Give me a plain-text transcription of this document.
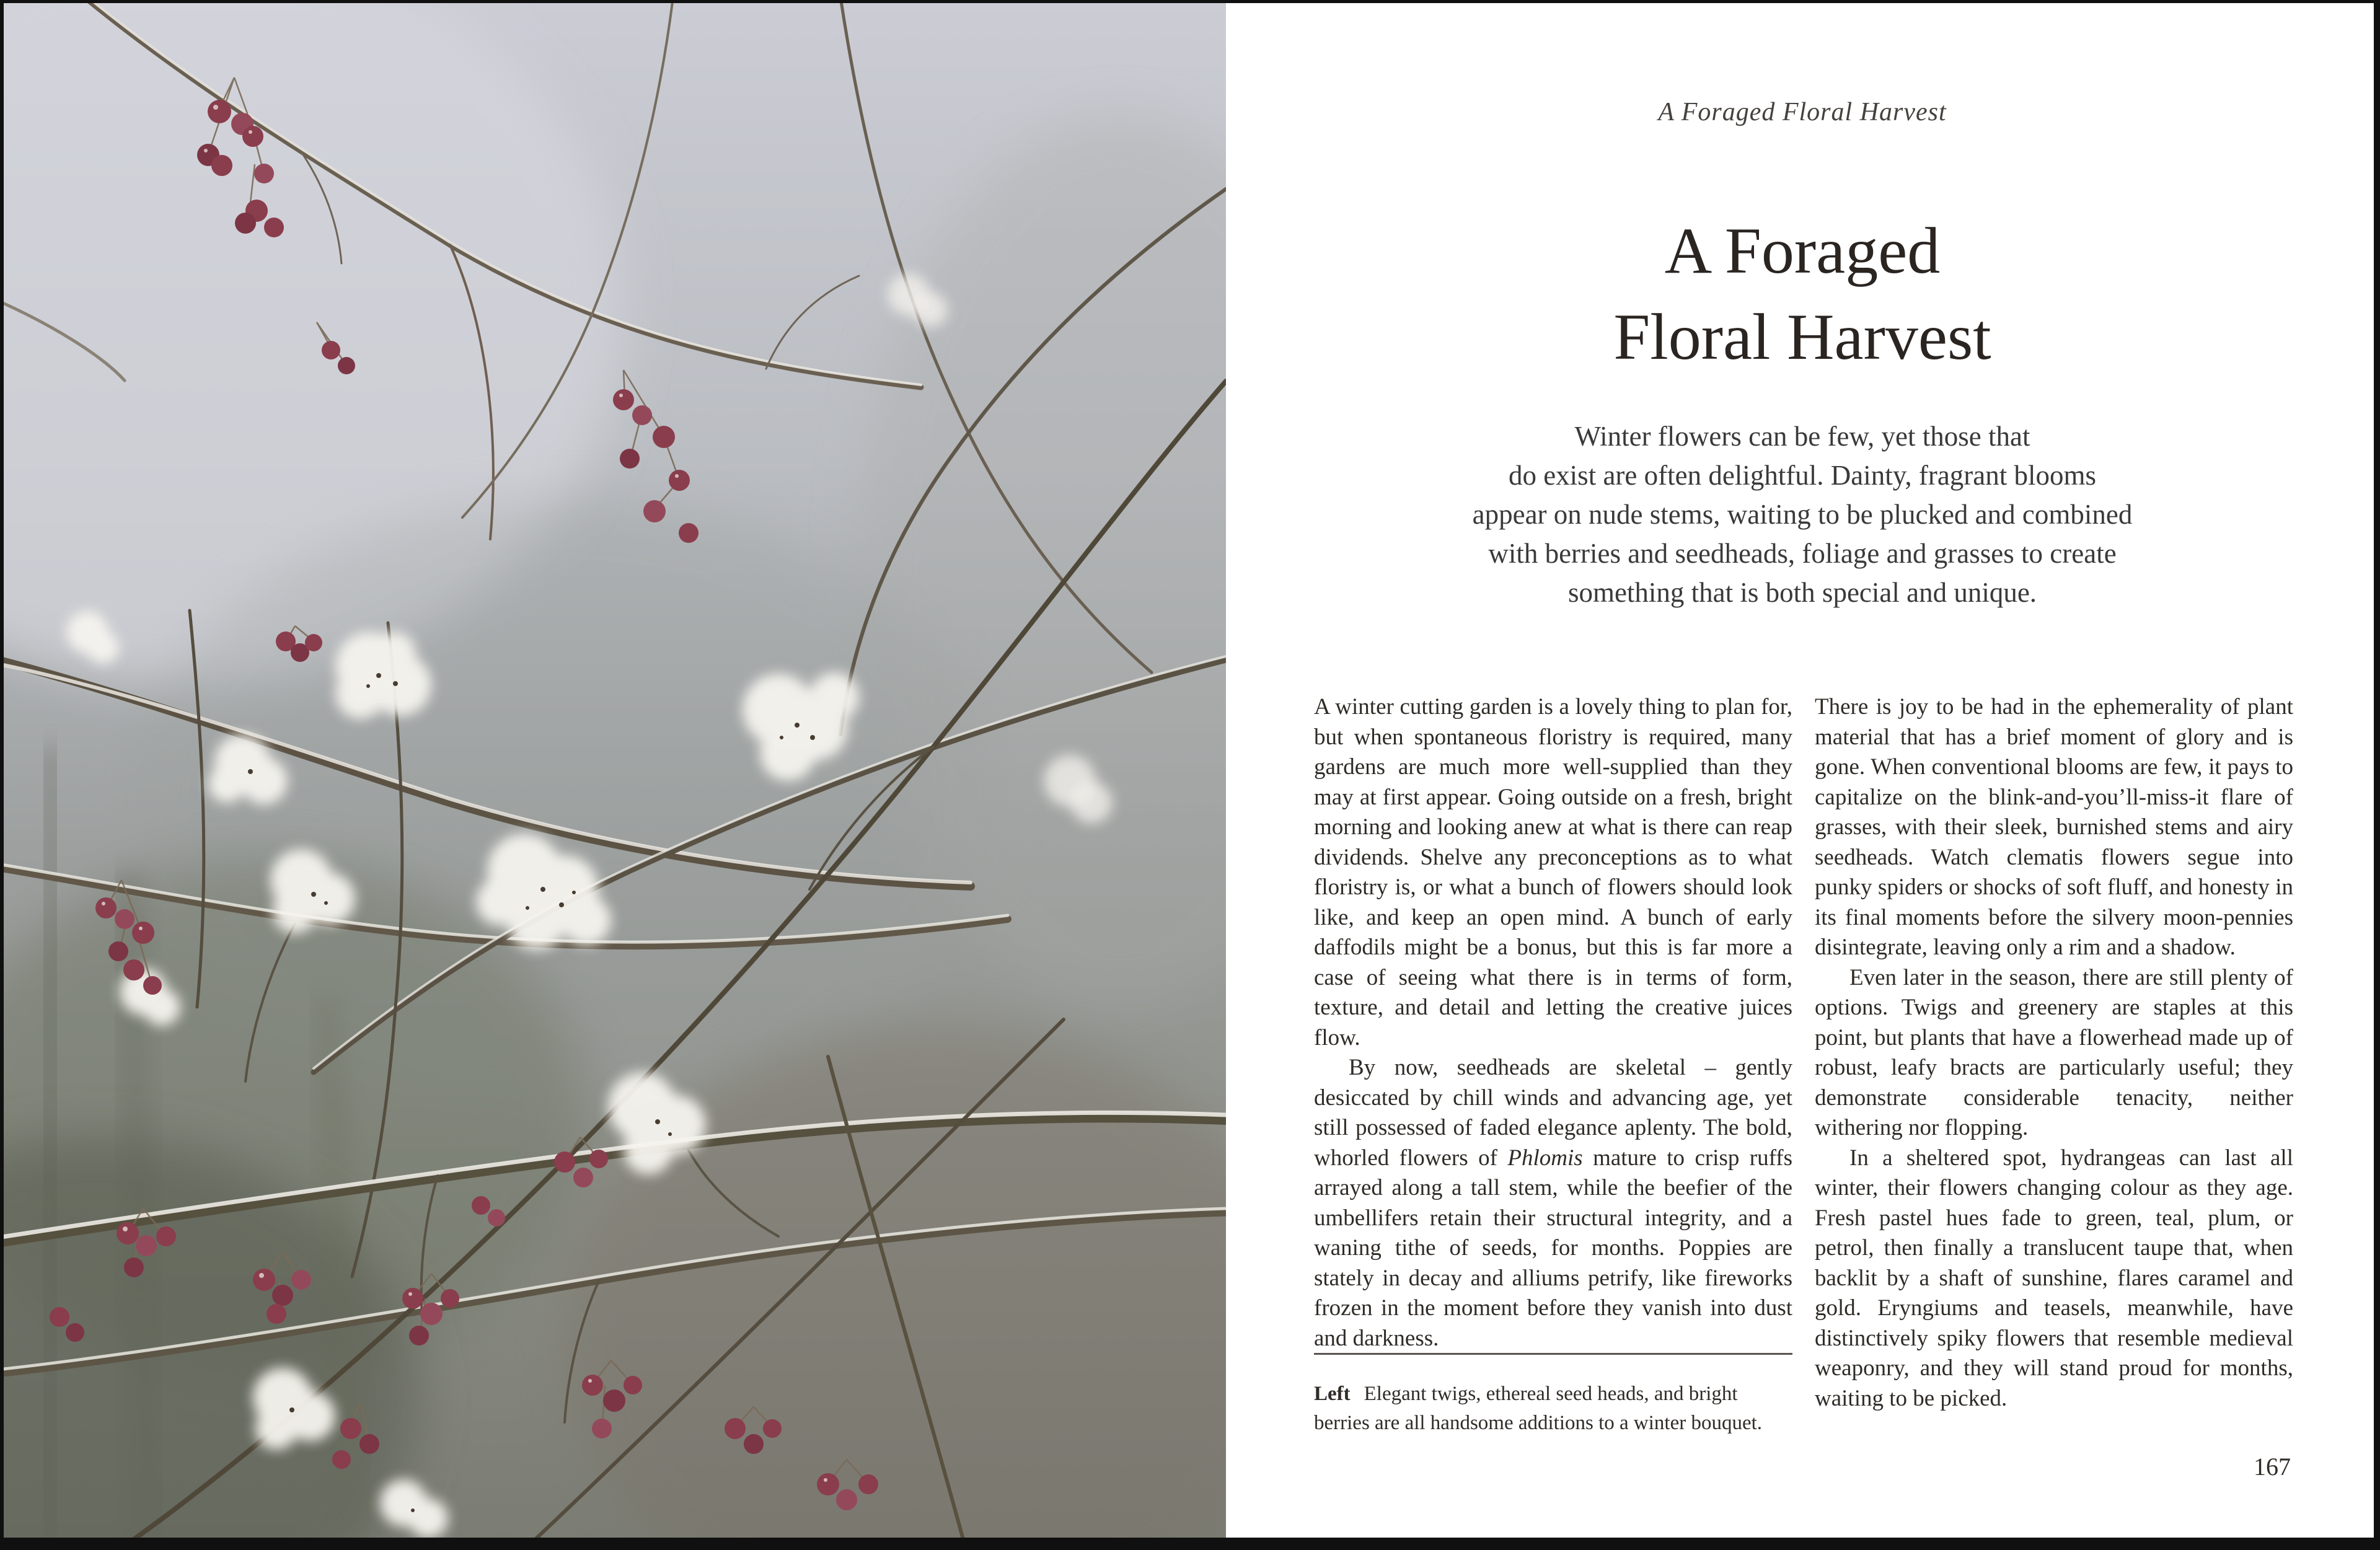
A Foraged Floral Harvest
A Foraged
Floral Harvest
Winter flowers can be few, yet those that
do exist are often delightful. Dainty, fragrant blooms
appear on nude stems, waiting to be plucked and combined
with berries and seedheads, foliage and grasses to create
something that is both special and unique.

A winter cutting garden is a lovely thing to plan for, but when spontaneous floristry is required, many gardens are much more well-supplied than they may at first appear. Going outside on a fresh, bright morning and looking anew at what is there can reap dividends. Shelve any preconceptions as to what floristry is, or what a bunch of flowers should look like, and keep an open mind. A bunch of early daffodils might be a bonus, but this is far more a case of seeing what there is in terms of form, texture, and detail and letting the creative juices flow.

By now, seedheads are skeletal – gently desiccated by chill winds and advancing age, yet still possessed of faded elegance aplenty. The bold, whorled flowers of Phlomis mature to crisp ruffs arrayed along a tall stem, while the beefier of the umbellifers retain their structural integrity, and a waning tithe of seeds, for months. Poppies are stately in decay and alliums petrify, like fireworks frozen in the moment before they vanish into dust and darkness.

There is joy to be had in the ephemerality of plant material that has a brief moment of glory and is gone. When conventional blooms are few, it pays to capitalize on the blink-and-you’ll-miss-it flare of grasses, with their sleek, burnished stems and airy seedheads. Watch clematis flowers segue into punky spiders or shocks of soft fluff, and honesty in its final moments before the silvery moon-pennies disintegrate, leaving only a rim and a shadow.

Even later in the season, there are still plenty of options. Twigs and greenery are staples at this point, but plants that have a flowerhead made up of robust, leafy bracts are particularly useful; they demonstrate considerable tenacity, neither withering nor flopping.

In a sheltered spot, hydrangeas can last all winter, their flowers changing colour as they age. Fresh pastel hues fade to green, teal, plum, or petrol, then finally a translucent taupe that, when backlit by a shaft of sunshine, flares caramel and gold. Eryngiums and teasels, meanwhile, have distinctively spiky flowers that resemble medieval weaponry, and they will stand proud for months, waiting to be picked.

Left Elegant twigs, ethereal seed heads, and bright berries are all handsome additions to a winter bouquet.

167
